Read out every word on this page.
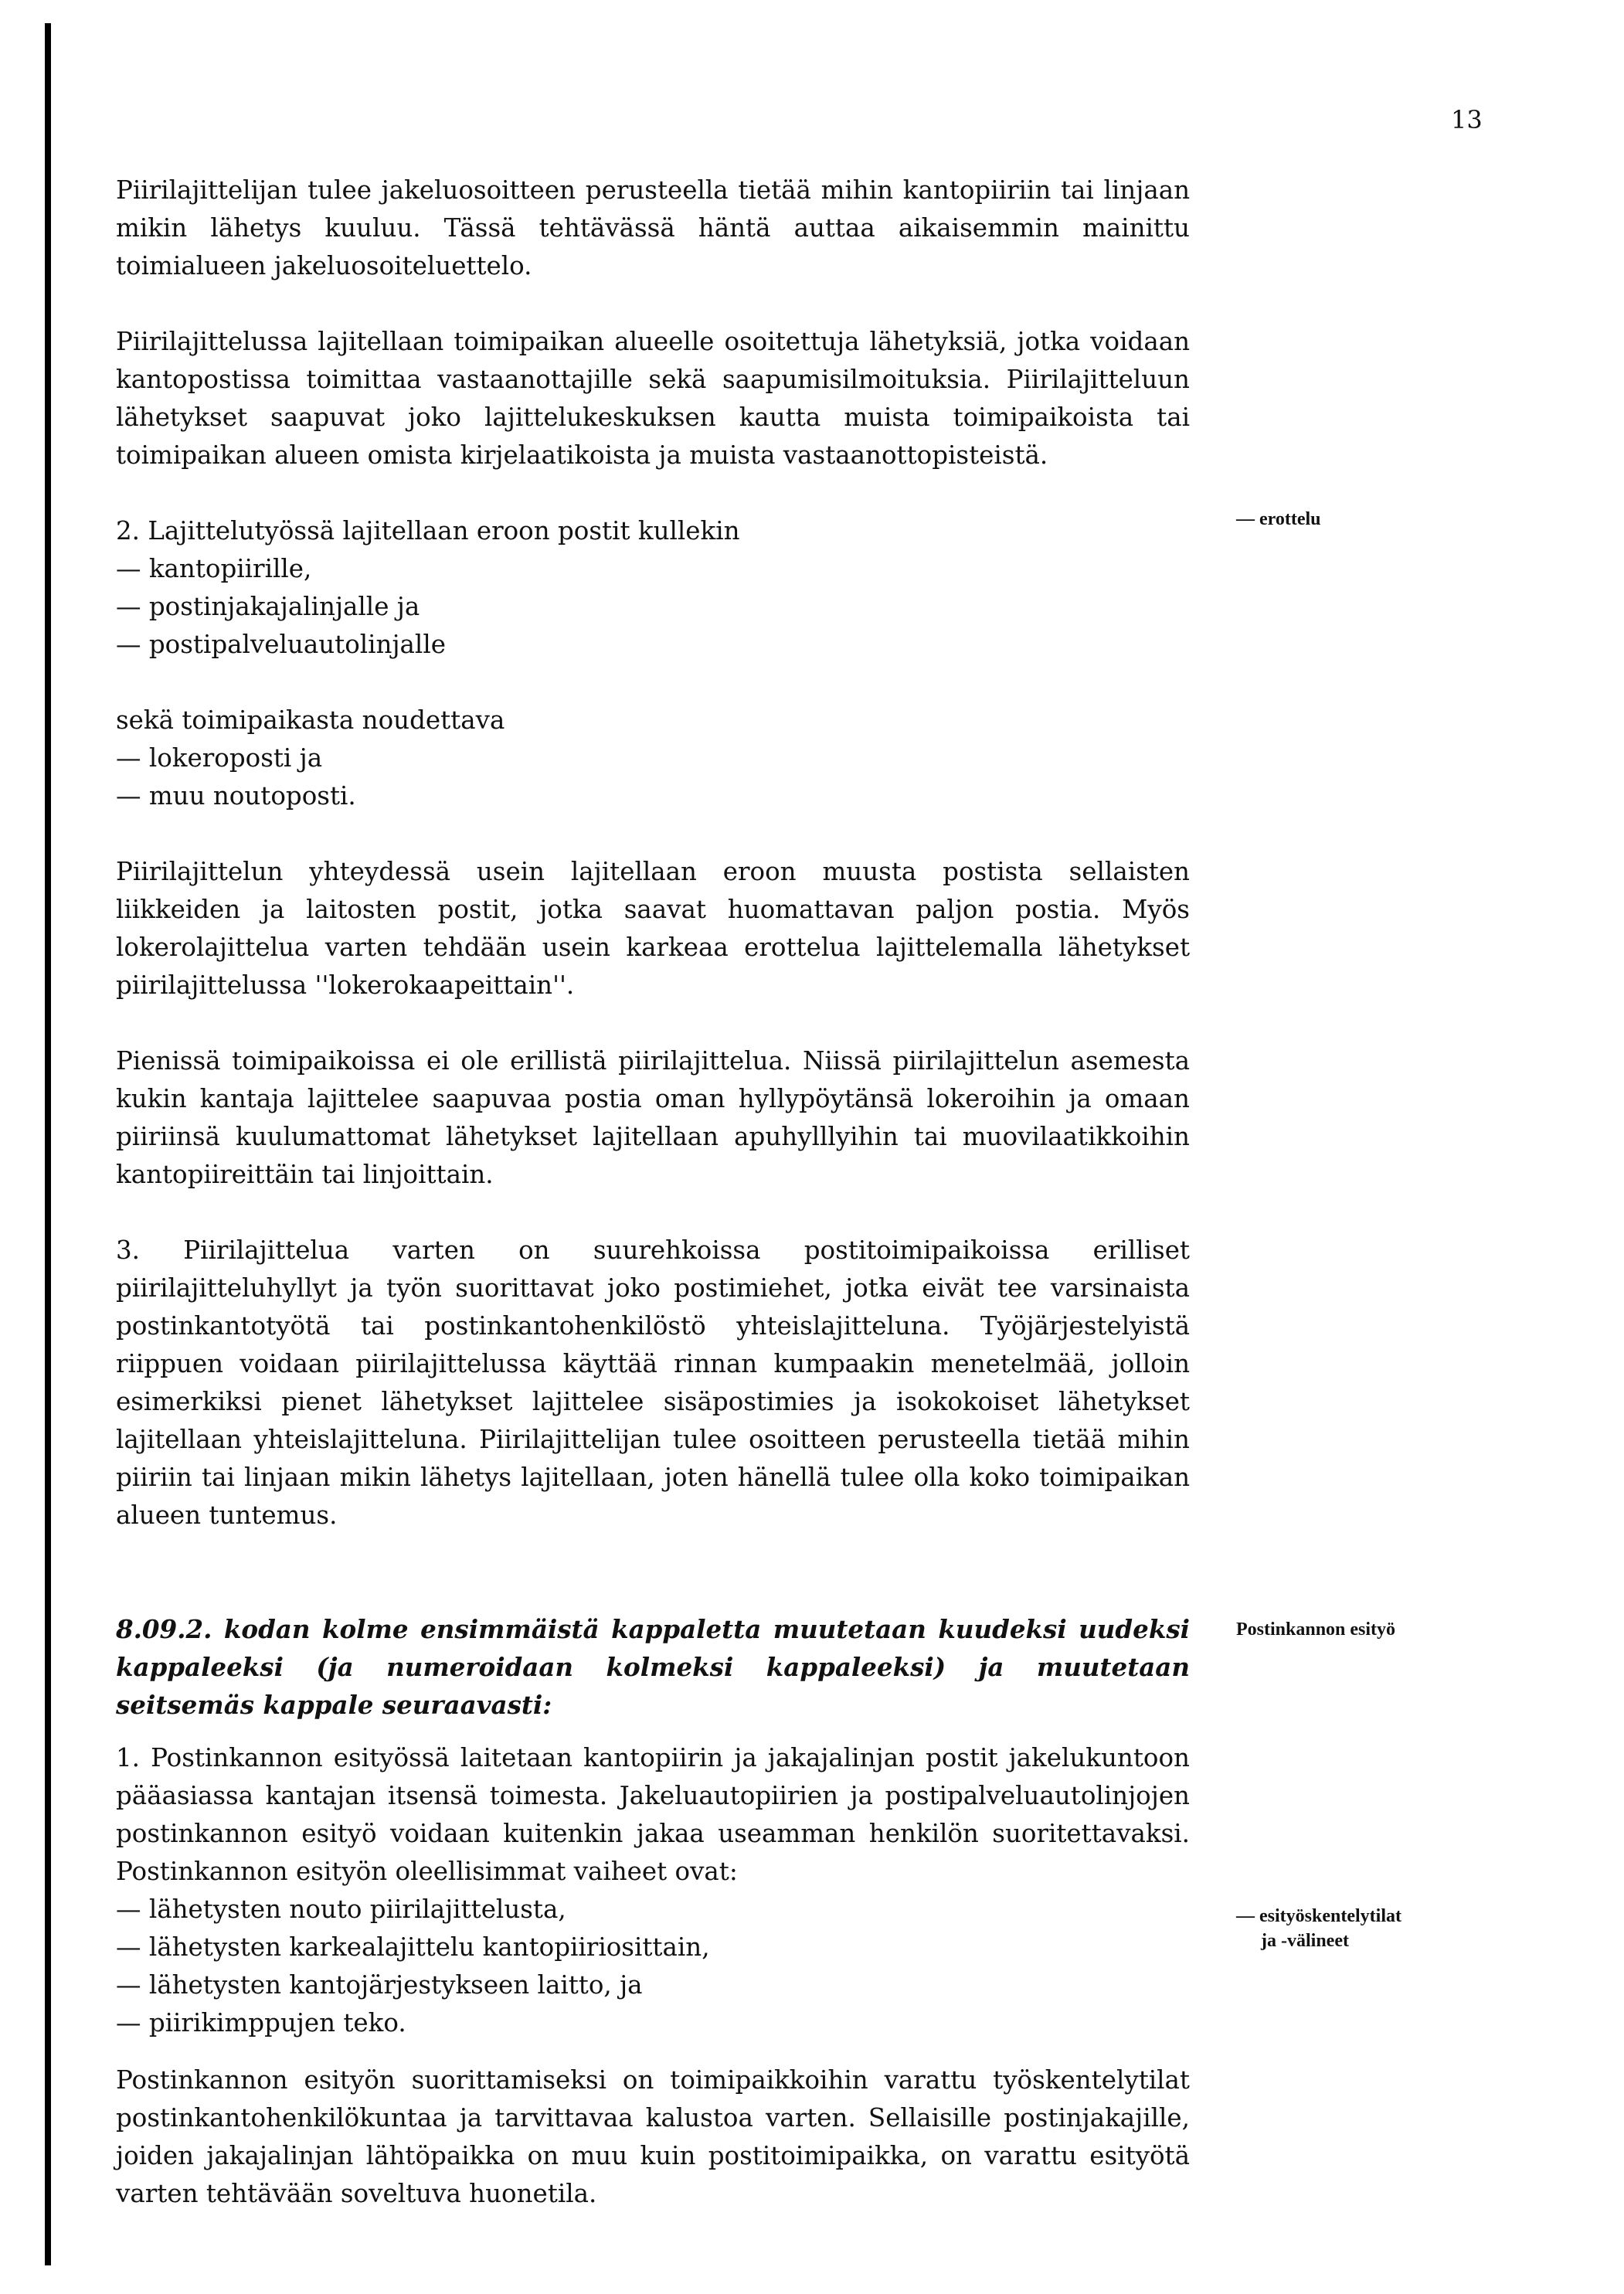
13

Piirilajittelijan tulee jakeluosoitteen perusteella tietää mihin kantopiiriin tai linjaan mikin lähetys kuuluu. Tässä tehtävässä häntä auttaa aikaisemmin mainittu toimialueen jakeluosoiteluettelo.

Piirilajittelussa lajitellaan toimipaikan alueelle osoitettuja lähetyksiä, jotka voidaan kantopostissa toimittaa vastaanottajille sekä saapumisilmoituksia. Piirilajitteluun lähetykset saapuvat joko lajittelukeskuksen kautta muista toimipaikoista tai toimipaikan alueen omista kirjelaatikoista ja muista vastaanottopisteistä.

2. Lajittelutyössä lajitellaan eroon postit kullekin
— kantopiirille,
— postinjakajalinjalle ja
— postipalveluautolinjalle
sekä toimipaikasta noudettava
— lokeroposti ja
— muu noutoposti.

Piirilajittelun yhteydessä usein lajitellaan eroon muusta postista sellaisten liikkeiden ja laitosten postit, jotka saavat huomattavan paljon postia. Myös lokerolajittelua varten tehdään usein karkeaa erottelua lajittelemalla lähetykset piirilajittelussa ''lokerokaapeittain''.

Pienissä toimipaikoissa ei ole erillistä piirilajittelua. Niissä piirilajittelun asemesta kukin kantaja lajittelee saapuvaa postia oman hyllypöytänsä lokeroihin ja omaan piiriinsä kuulumattomat lähetykset lajitellaan apuhylllyihin tai muovilaatikkoihin kantopiireittäin tai linjoittain.

3. Piirilajittelua varten on suurehkoissa postitoimipaikoissa erilliset piirilajitteluhyllyt ja työn suorittavat joko postimiehet, jotka eivät tee varsinaista postinkantotyötä tai postinkantohenkilöstö yhteislajitteluna. Työjärjestelyistä riippuen voidaan piirilajittelussa käyttää rinnan kumpaakin menetelmää, jolloin esimerkiksi pienet lähetykset lajittelee sisäpostimies ja isokokoiset lähetykset lajitellaan yhteislajitteluna. Piirilajittelijan tulee osoitteen perusteella tietää mihin piiriin tai linjaan mikin lähetys lajitellaan, joten hänellä tulee olla koko toimipaikan alueen tuntemus.

8.09.2. kodan kolme ensimmäistä kappaletta muutetaan kuudeksi uudeksi kappaleeksi (ja numeroidaan kolmeksi kappaleeksi) ja muutetaan seitsemäs kappale seuraavasti:

1. Postinkannon esityössä laitetaan kantopiirin ja jakajalinjan postit jakelukuntoon pääasiassa kantajan itsensä toimesta. Jakeluautopiirien ja postipalveluautolinjojen postinkannon esityö voidaan kuitenkin jakaa useamman henkilön suoritettavaksi. Postinkannon esityön oleellisimmat vaiheet ovat:

— lähetysten nouto piirilajittelusta,
— lähetysten karkealajittelu kantopiiriosittain,
— lähetysten kantojärjestykseen laitto, ja
— piirikimppujen teko.

Postinkannon esityön suorittamiseksi on toimipaikkoihin varattu työskentelytilat postinkantohenkilökuntaa ja tarvittavaa kalustoa varten. Sellaisille postinjakajille, joiden jakajalinjan lähtöpaikka on muu kuin postitoimipaikka, on varattu esityötä varten tehtävään soveltuva huonetila.

— erottelu
Postinkannon esityö
— esityöskentelytilat
ja -välineet
